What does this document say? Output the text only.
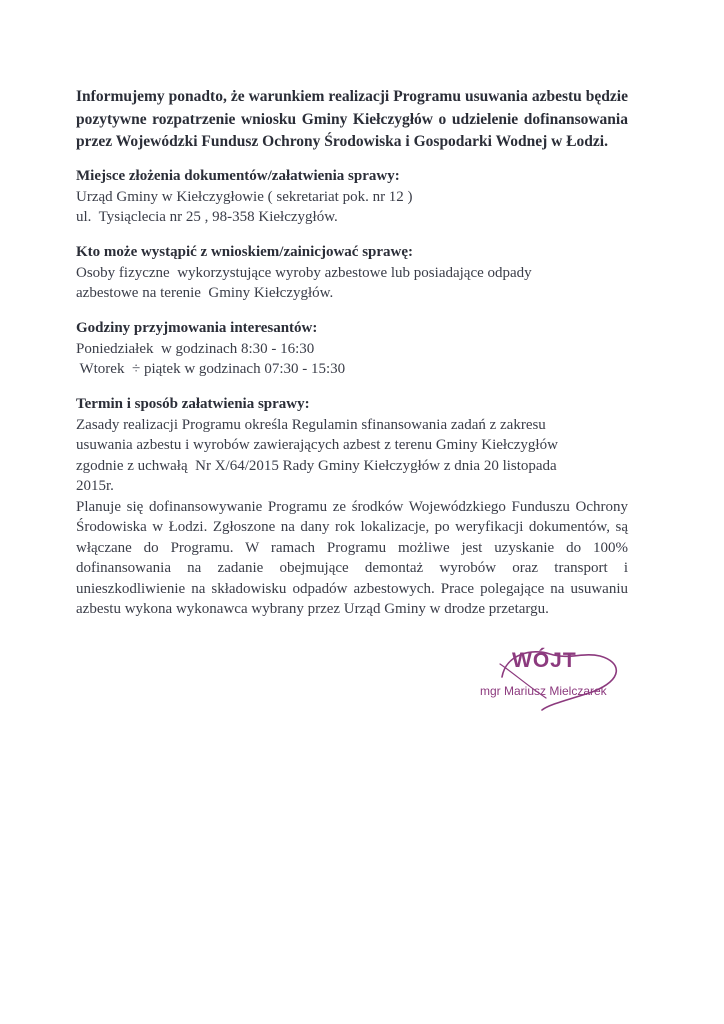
Informujemy ponadto, że warunkiem realizacji Programu usuwania azbestu będzie pozytywne rozpatrzenie wniosku Gminy Kiełczygłów o udzielenie dofinansowania przez Wojewódzki Fundusz Ochrony Środowiska i Gospodarki Wodnej w Łodzi.

Miejsce złożenia dokumentów/załatwienia sprawy:

Urząd Gminy w Kiełczygłowie ( sekretariat pok. nr 12 )

ul.  Tysiąclecia nr 25 , 98-358 Kiełczygłów.

Kto może wystąpić z wnioskiem/zainicjować sprawę:

Osoby fizyczne  wykorzystujące wyroby azbestowe lub posiadające odpady

azbestowe na terenie  Gminy Kiełczygłów.

Godziny przyjmowania interesantów:

Poniedziałek  w godzinach 8:30 - 16:30

Wtorek  ÷ piątek w godzinach 07:30 - 15:30

Termin i sposób załatwienia sprawy:

Zasady realizacji Programu określa Regulamin sfinansowania zadań z zakresu

usuwania azbestu i wyrobów zawierających azbest z terenu Gminy Kiełczygłów

zgodnie z uchwałą  Nr X/64/2015 Rady Gminy Kiełczygłów z dnia 20 listopada

2015r.

Planuje się dofinansowywanie Programu ze środków Wojewódzkiego Funduszu Ochrony Środowiska w Łodzi. Zgłoszone na dany rok lokalizacje, po weryfikacji dokumentów, są włączane do Programu. W ramach Programu możliwe jest uzyskanie do 100% dofinansowania na zadanie obejmujące demontaż wyrobów oraz transport i unieszkodliwienie na składowisku odpadów azbestowych. Prace polegające na usuwaniu azbestu wykona wykonawca wybrany przez Urząd Gminy w drodze przetargu.

WÓJT
mgr Mariusz Mielczarek
